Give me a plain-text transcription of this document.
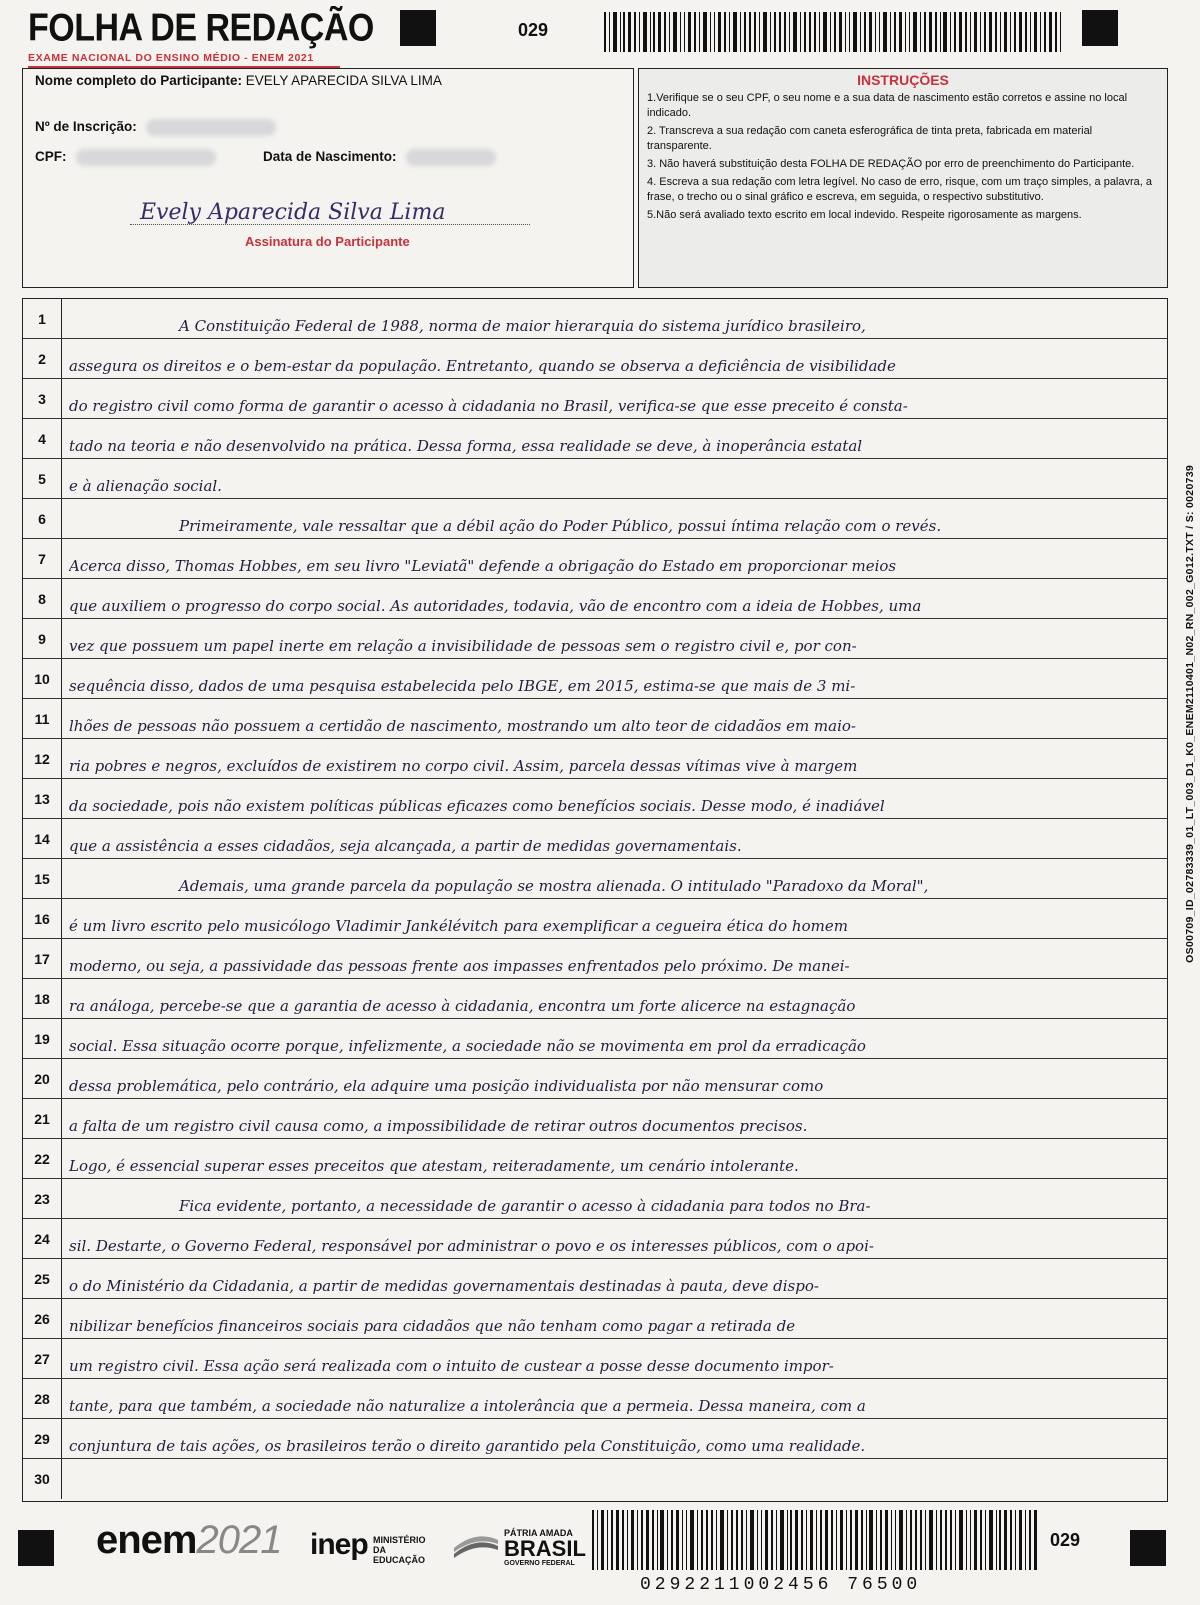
FOLHA DE REDAÇÃO
EXAME NACIONAL DO ENSINO MÉDIO - ENEM 2021
029
Nome completo do Participante: EVELY APARECIDA SILVA LIMA
Nº de Inscrição:
CPF:	Data de Nascimento:
Evely Aparecida Silva Lima
Assinatura do Participante
INSTRUÇÕES

1.Verifique se o seu CPF, o seu nome e a sua data de nascimento estão corretos e assine no local indicado.

2. Transcreva a sua redação com caneta esferográfica de tinta preta, fabricada em material transparente.

3. Não haverá substituição desta FOLHA DE REDAÇÃO por erro de preenchimento do Participante.

4. Escreva a sua redação com letra legível. No caso de erro, risque, com um traço simples, a palavra, a frase, o trecho ou o sinal gráfico e escreva, em seguida, o respectivo substitutivo.

5.Não será avaliado texto escrito em local indevido. Respeite rigorosamente as margens.

1	A Constituição Federal de 1988, norma de maior hierarquia do sistema jurídico brasileiro,
2	assegura os direitos e o bem-estar da população. Entretanto, quando se observa a deficiência de visibilidade
3	do registro civil como forma de garantir o acesso à cidadania no Brasil, verifica-se que esse preceito é consta-
4	tado na teoria e não desenvolvido na prática. Dessa forma, essa realidade se deve, à inoperância estatal
5	e à alienação social.
6	Primeiramente, vale ressaltar que a débil ação do Poder Público, possui íntima relação com o revés.
7	Acerca disso, Thomas Hobbes, em seu livro "Leviatã" defende a obrigação do Estado em proporcionar meios
8	que auxiliem o progresso do corpo social. As autoridades, todavia, vão de encontro com a ideia de Hobbes, uma
9	vez que possuem um papel inerte em relação a invisibilidade de pessoas sem o registro civil e, por con-
10	sequência disso, dados de uma pesquisa estabelecida pelo IBGE, em 2015, estima-se que mais de 3 mi-
11	lhões de pessoas não possuem a certidão de nascimento, mostrando um alto teor de cidadãos em maio-
12	ria pobres e negros, excluídos de existirem no corpo civil. Assim, parcela dessas vítimas vive à margem
13	da sociedade, pois não existem políticas públicas eficazes como benefícios sociais. Desse modo, é inadiável
14	que a assistência a esses cidadãos, seja alcançada, a partir de medidas governamentais.
15	Ademais, uma grande parcela da população se mostra alienada. O intitulado "Paradoxo da Moral",
16	é um livro escrito pelo musicólogo Vladimir Jankélévitch para exemplificar a cegueira ética do homem
17	moderno, ou seja, a passividade das pessoas frente aos impasses enfrentados pelo próximo. De manei-
18	ra análoga, percebe-se que a garantia de acesso à cidadania, encontra um forte alicerce na estagnação
19	social. Essa situação ocorre porque, infelizmente, a sociedade não se movimenta em prol da erradicação
20	dessa problemática, pelo contrário, ela adquire uma posição individualista por não mensurar como
21	a falta de um registro civil causa como, a impossibilidade de retirar outros documentos precisos.
22	Logo, é essencial superar esses preceitos que atestam, reiteradamente, um cenário intolerante.
23	Fica evidente, portanto, a necessidade de garantir o acesso à cidadania para todos no Bra-
24	sil. Destarte, o Governo Federal, responsável por administrar o povo e os interesses públicos, com o apoi-
25	o do Ministério da Cidadania, a partir de medidas governamentais destinadas à pauta, deve dispo-
26	nibilizar benefícios financeiros sociais para cidadãos que não tenham como pagar a retirada de
27	um registro civil. Essa ação será realizada com o intuito de custear a posse desse documento impor-
28	tante, para que também, a sociedade não naturalize a intolerância que a permeia. Dessa maneira, com a
29	conjuntura de tais ações, os brasileiros terão o direito garantido pela Constituição, como uma realidade.
30
OS00709_ID_02783339_01_LT_003_D1_K0_ENEM2110401_N02_RN_002_G012.TXT / S: 0020739
enem2021 inep MINISTÉRIO DA EDUCAÇÃO
PÁTRIA AMADA
BRASIL
GOVERNO FEDERAL
029
0292211002456 76500
